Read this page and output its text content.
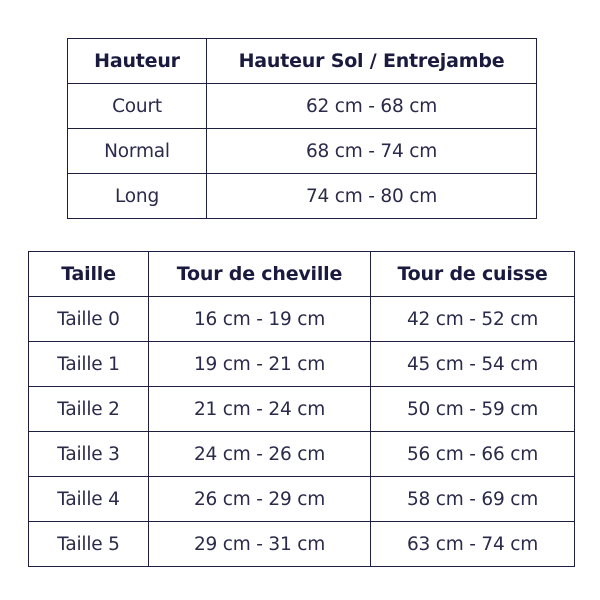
Hauteur	Hauteur Sol / Entrejambe
Court	62 cm - 68 cm
Normal	68 cm - 74 cm
Long	74 cm - 80 cm
Taille	Tour de cheville	Tour de cuisse
Taille 0	16 cm - 19 cm	42 cm - 52 cm
Taille 1	19 cm - 21 cm	45 cm - 54 cm
Taille 2	21 cm - 24 cm	50 cm - 59 cm
Taille 3	24 cm - 26 cm	56 cm - 66 cm
Taille 4	26 cm - 29 cm	58 cm - 69 cm
Taille 5	29 cm - 31 cm	63 cm - 74 cm
